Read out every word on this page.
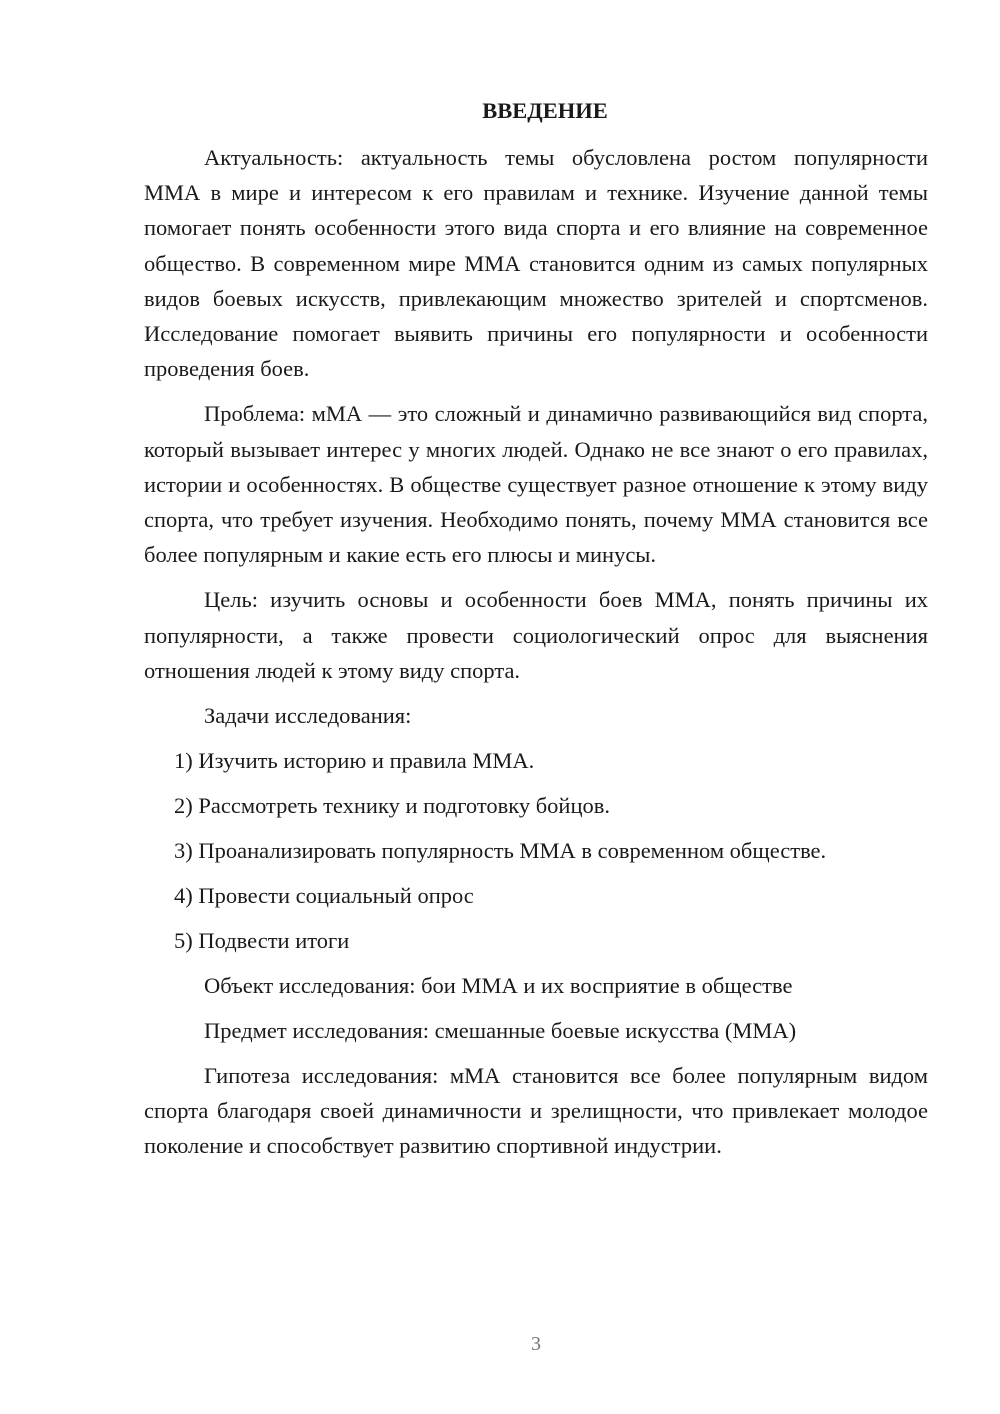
ВВЕДЕНИЕ

Актуальность: актуальность темы обусловлена ростом популярности ММА в мире и интересом к его правилам и технике. Изучение данной темы помогает понять особенности этого вида спорта и его влияние на современное общество. В современном мире ММА становится одним из самых популярных видов боевых искусств, привлекающим множество зрителей и спортсменов. Исследование помогает выявить причины его популярности и особенности проведения боев.

Проблема: мМА — это сложный и динамично развивающийся вид спорта, который вызывает интерес у многих людей. Однако не все знают о его правилах, истории и особенностях. В обществе существует разное отношение к этому виду спорта, что требует изучения. Необходимо понять, почему ММА становится все более популярным и какие есть его плюсы и минусы.

Цель: изучить основы и особенности боев ММА, понять причины их популярности, а также провести социологический опрос для выяснения отношения людей к этому виду спорта.

Задачи исследования:

1) Изучить историю и правила ММА.

2) Рассмотреть технику и подготовку бойцов.

3) Проанализировать популярность ММА в современном обществе.

4) Провести социальный опрос

5) Подвести итоги

Объект исследования: бои ММА и их восприятие в обществе

Предмет исследования: смешанные боевые искусства (ММА)

Гипотеза исследования: мМА становится все более популярным видом спорта благодаря своей динамичности и зрелищности, что привлекает молодое поколение и способствует развитию спортивной индустрии.

3
